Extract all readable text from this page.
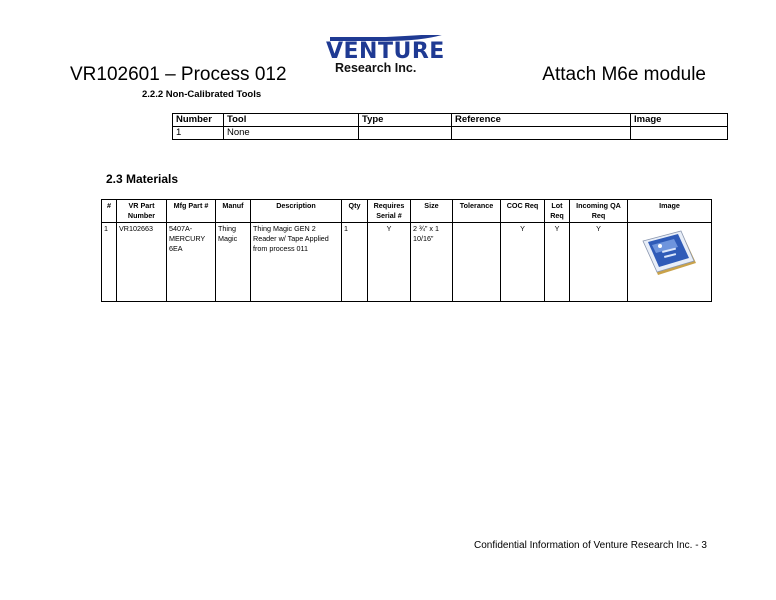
VR102601 – Process 012	Attach M6e module
VENTURE
Research Inc.
2.2.2 Non-Calibrated Tools
Number	Tool	Type	Reference	Image
1	None			
2.3 Materials
#	VR Part Number	Mfg Part #	Manuf	Description	Qty	Requires Serial #	Size	Tolerance	COC Req	Lot Req	Incoming QA Req	Image
1	VR102663	5407A-MERCURY 6EA	Thing Magic	Thing Magic GEN 2 Reader w/ Tape Applied from process 011	1	Y	2 ¾” x 1 10/16”		Y	Y	Y	
Confidential Information of Venture Research Inc. - 3
